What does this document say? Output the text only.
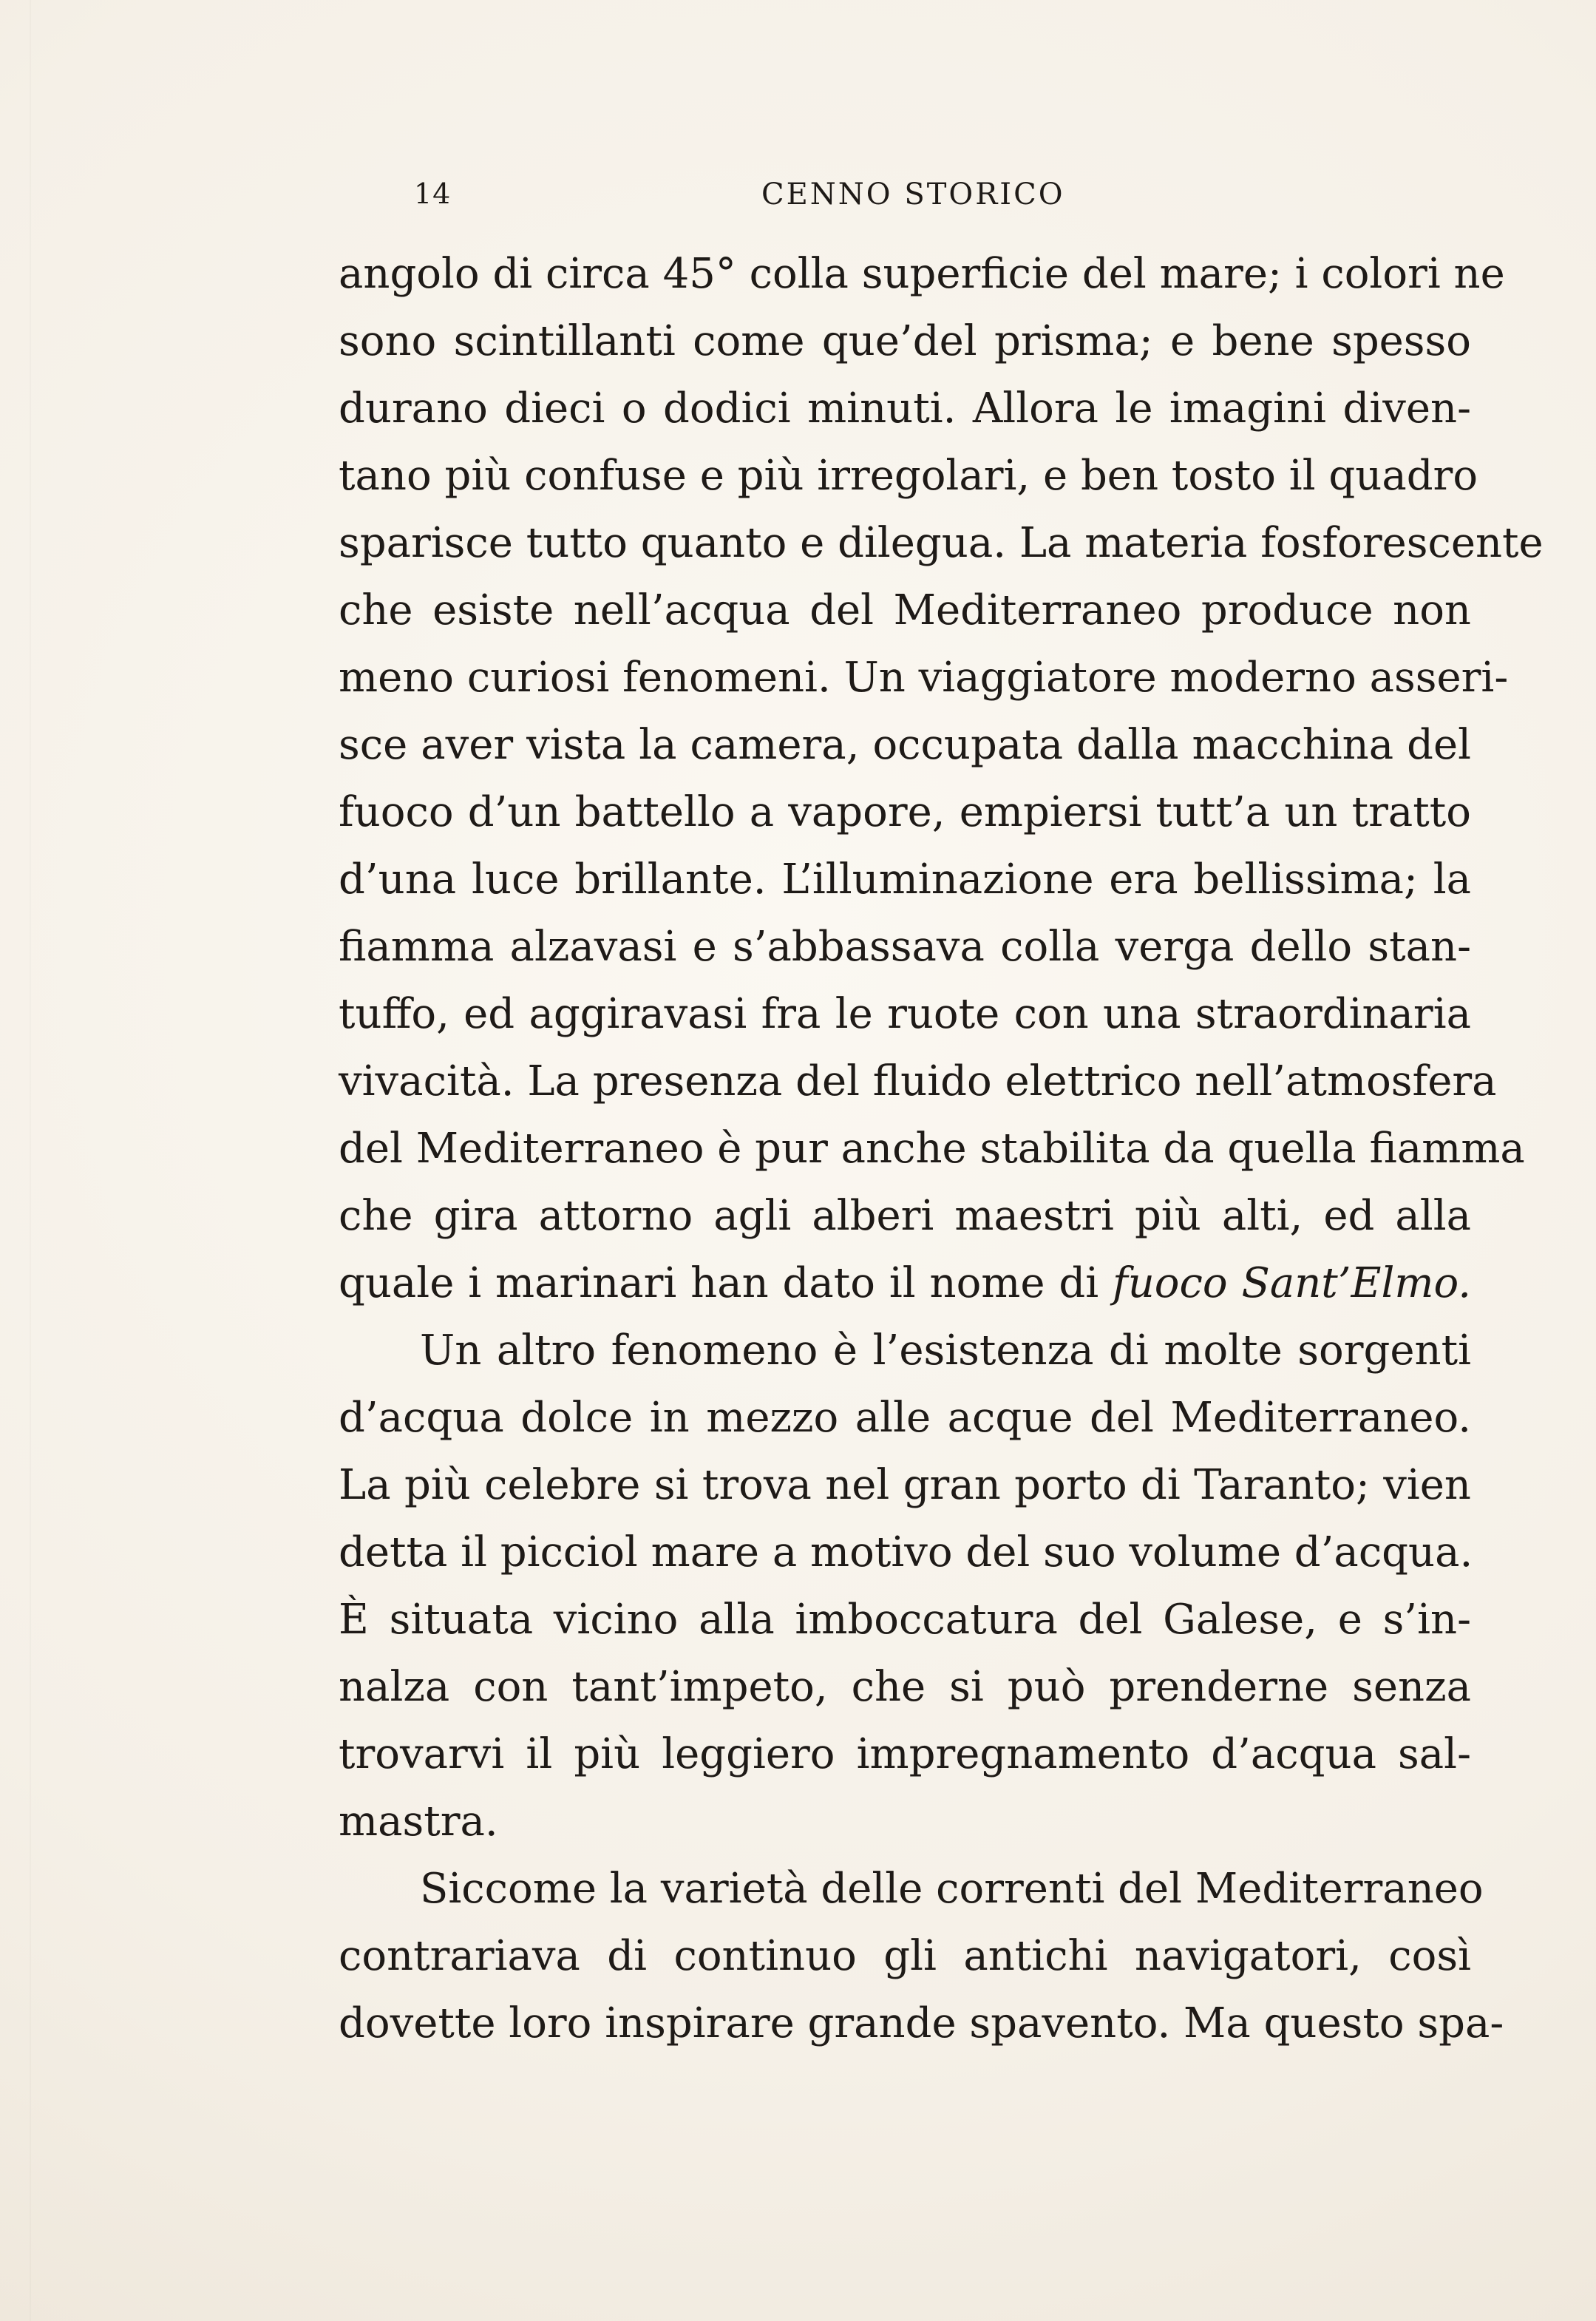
14	CENNO STORICO
angolo di circa 45° colla superficie del mare; i colori ne
sono scintillanti come que’del prisma; e bene spesso
durano dieci o dodici minuti. Allora le imagini diven-
tano più confuse e più irregolari, e ben tosto il quadro
sparisce tutto quanto e dilegua. La materia fosforescente
che esiste nell’acqua del Mediterraneo produce non
meno curiosi fenomeni. Un viaggiatore moderno asseri-
sce aver vista la camera, occupata dalla macchina del
fuoco d’un battello a vapore, empiersi tutt’a un tratto
d’una luce brillante. L’illuminazione era bellissima; la
fiamma alzavasi e s’abbassava colla verga dello stan-
tuffo, ed aggiravasi fra le ruote con una straordinaria
vivacità. La presenza del fluido elettrico nell’atmosfera
del Mediterraneo è pur anche stabilita da quella fiamma
che gira attorno agli alberi maestri più alti, ed alla
quale i marinari han dato il nome di fuoco Sant’Elmo.
Un altro fenomeno è l’esistenza di molte sorgenti
d’acqua dolce in mezzo alle acque del Mediterraneo.
La più celebre si trova nel gran porto di Taranto; vien
detta il picciol mare a motivo del suo volume d’acqua.
È situata vicino alla imboccatura del Galese, e s’in-
nalza con tant’impeto, che si può prenderne senza
trovarvi il più leggiero impregnamento d’acqua sal-
mastra.
Siccome la varietà delle correnti del Mediterraneo
contrariava di continuo gli antichi navigatori, così
dovette loro inspirare grande spavento. Ma questo spa-
